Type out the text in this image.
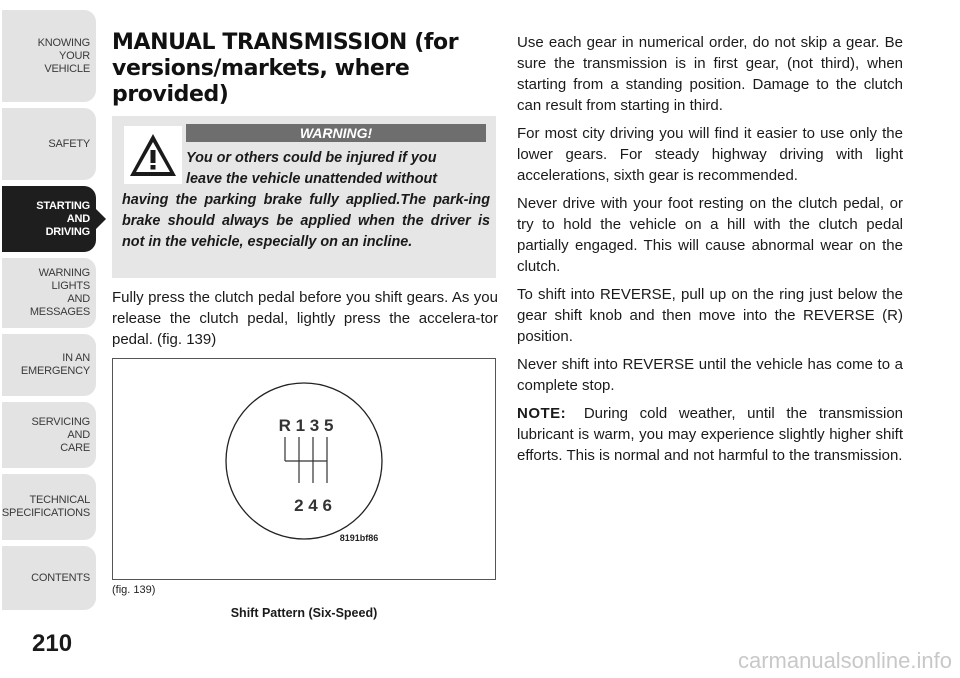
KNOWING
YOUR
VEHICLE
SAFETY
STARTING
AND
DRIVING
WARNING
LIGHTS
AND
MESSAGES
IN AN
EMERGENCY
SERVICING
AND
CARE
TECHNICAL
SPECIFICATIONS
CONTENTS
210
MANUAL TRANSMISSION (for versions/markets, where provided)
WARNING!
You or others could be injured if you
leave the vehicle unattended without
having the parking brake fully applied.The park-ing brake should always be applied when the driver is not in the vehicle, especially on an incline.
Fully press the clutch pedal before you shift gears. As you release the clutch pedal, lightly press the accelera-tor pedal. (fig. 139)
R 1 3 5
2 4 6
8191bf86
(fig. 139)
Shift Pattern (Six-Speed)

Use each gear in numerical order, do not skip a gear. Be sure the transmission is in first gear, (not third), when starting from a standing position. Damage to the clutch can result from starting in third.

For most city driving you will find it easier to use only the lower gears. For steady highway driving with light accelerations, sixth gear is recommended.

Never drive with your foot resting on the clutch pedal, or try to hold the vehicle on a hill with the clutch pedal partially engaged. This will cause abnormal wear on the clutch.

To shift into REVERSE, pull up on the ring just below the gear shift knob and then move into the REVERSE (R) position.

Never shift into REVERSE until the vehicle has come to a complete stop.

NOTE: During cold weather, until the transmission lubricant is warm, you may experience slightly higher shift efforts. This is normal and not harmful to the transmission.

carmanualsonline.info
